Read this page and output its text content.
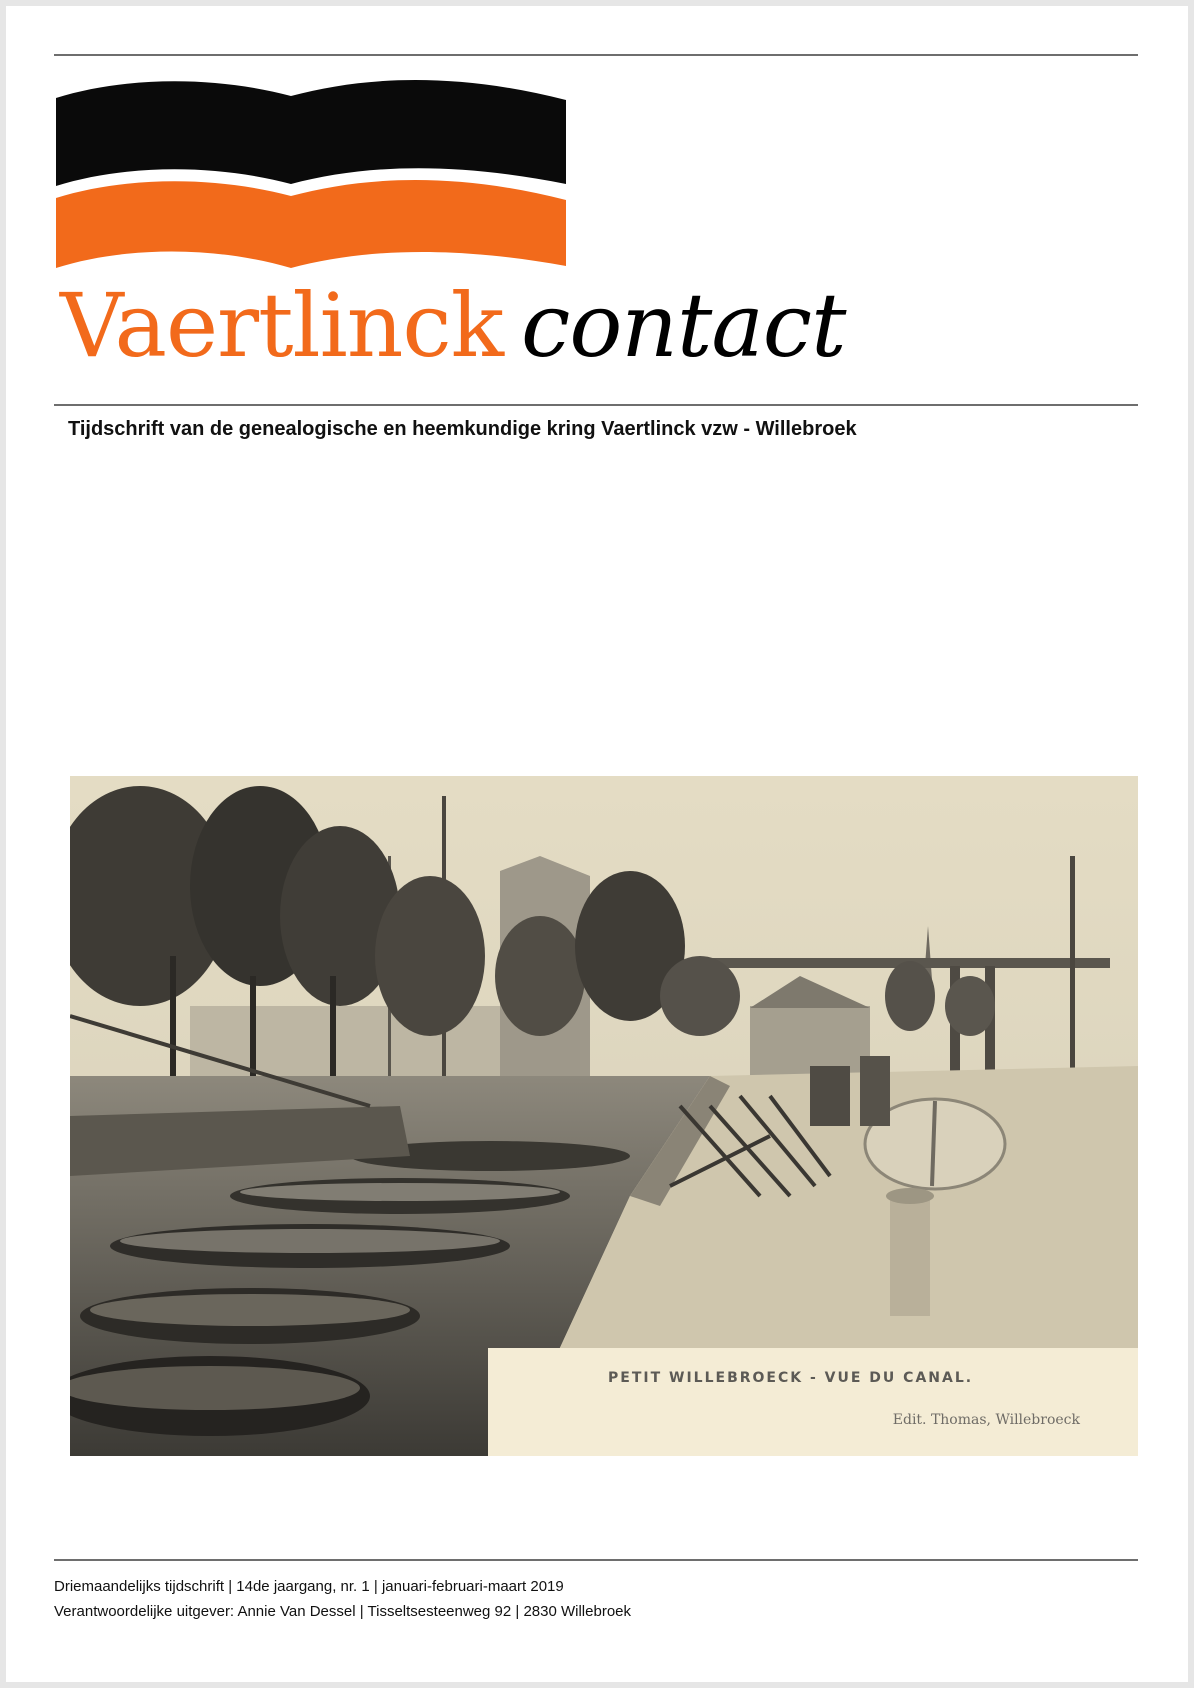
Vaertlinck contact
Tijdschrift van de genealogische en heemkundige kring Vaertlinck vzw - Willebroek
PETIT WILLEBROECK - VUE DU CANAL.
Edit. Thomas, Willebroeck
Driemaandelijks tijdschrift | 14de jaargang, nr. 1 | januari-februari-maart 2019
Verantwoordelijke uitgever: Annie Van Dessel | Tisseltsesteenweg 92 | 2830 Willebroek
